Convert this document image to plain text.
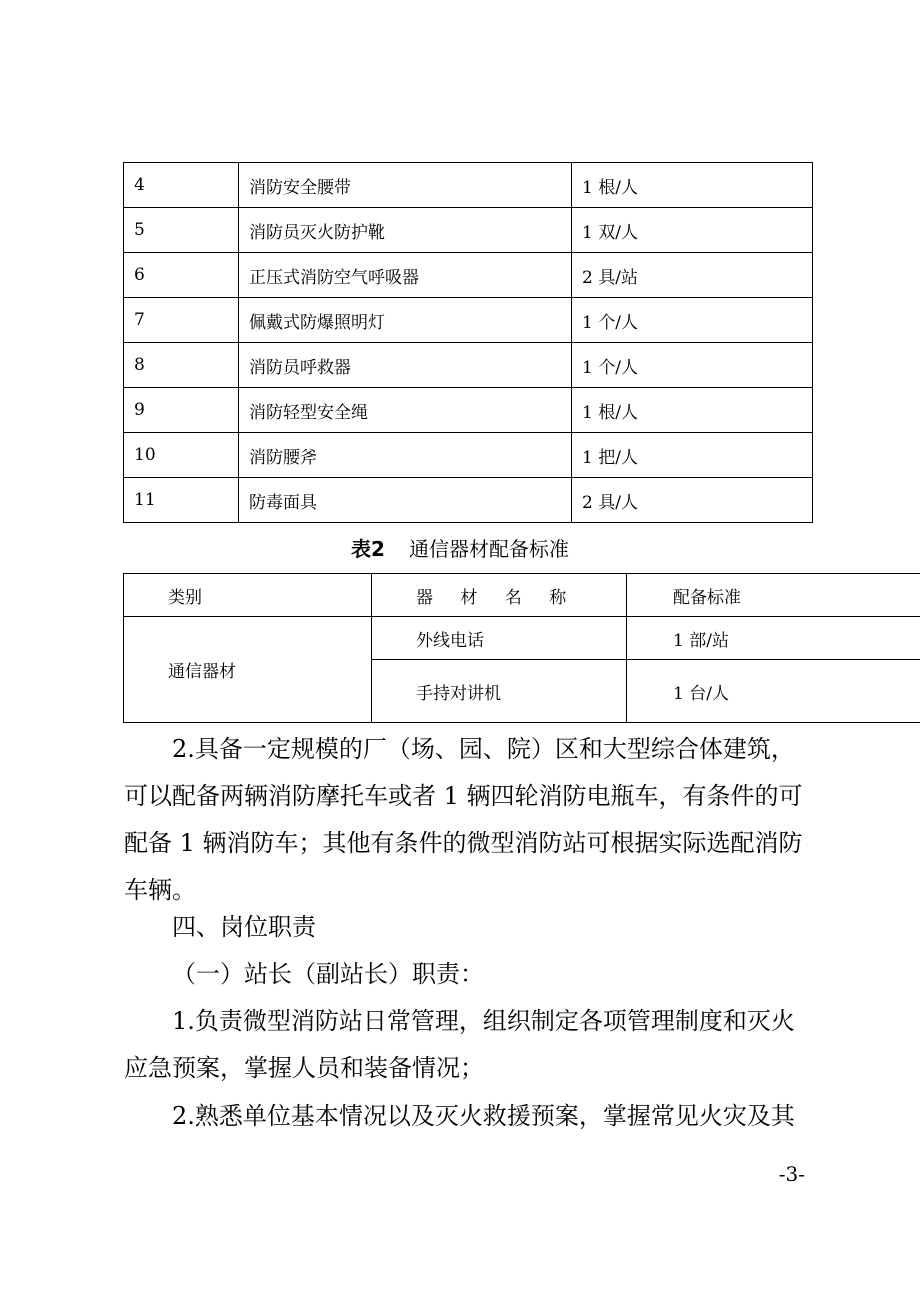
4	消防安全腰带	1 根/人
5	消防员灭火防护靴	1 双/人
6	正压式消防空气呼吸器	2 具/站
7	佩戴式防爆照明灯	1 个/人
8	消防员呼救器	1 个/人
9	消防轻型安全绳	1 根/人
10	消防腰斧	1 把/人
11	防毒面具	2 具/人
表2 通信器材配备标准
类别	器 材 名 称	配备标准
通信器材	外线电话	1 部/站
	手持对讲机	1 台/人
2.具备一定规模的厂（场、园、院）区和大型综合体建筑，
可以配备两辆消防摩托车或者 1 辆四轮消防电瓶车，有条件的可
配备 1 辆消防车；其他有条件的微型消防站可根据实际选配消防
车辆。
四、岗位职责
（一）站长（副站长）职责：
1.负责微型消防站日常管理，组织制定各项管理制度和灭火
应急预案，掌握人员和装备情况；
2.熟悉单位基本情况以及灭火救援预案，掌握常见火灾及其
-3-
